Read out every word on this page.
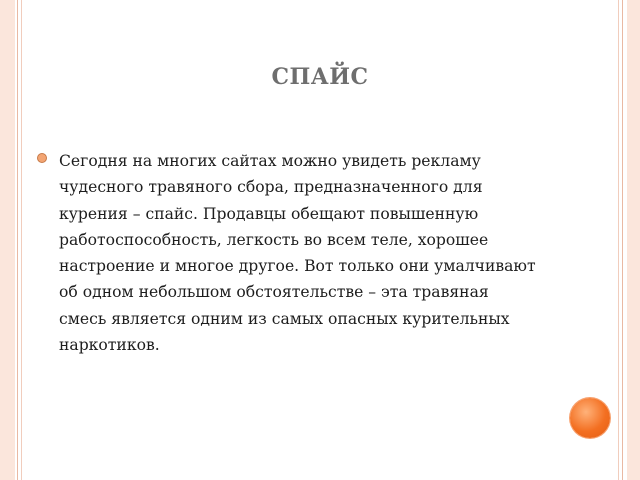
СПАЙС

Сегодня на многих сайтах можно увидеть рекламу чудесного травяного сбора, предназначенного для курения – спайс. Продавцы обещают повышенную работоспособность, легкость во всем теле, хорошее настроение и многое другое. Вот только они умалчивают об одном небольшом обстоятельстве – эта травяная смесь является одним из самых опасных курительных наркотиков.
